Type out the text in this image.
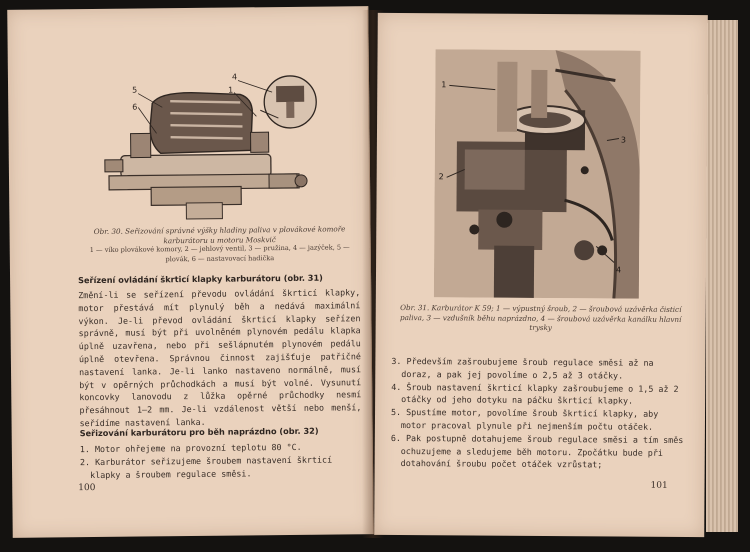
5
6
4
1
Obr. 30. Seřizování správné výšky hladiny paliva v plovákové komoře karburátoru u motoru Moskvič
1 — víko plovákové komory, 2 — jehlový ventil, 3 — pružina, 4 — jazýček, 5 — plovák, 6 — nastavovací hadička
Seřízení ovládání škrticí klapky karburátoru (obr. 31)

Změní-li se seřízení převodu ovládání škrticí klapky, motor přestává mít plynulý běh a nedává maximální výkon. Je-li převod ovládání škrticí klapky seřízen správně, musí být při uvolněném plynovém pedálu klapka úplně uzavřena, nebo při sešlápnutém plynovém pedálu úplně otevřena. Správnou činnost zajišťuje patřičné nastavení lanka. Je-li lanko nastaveno normálně, musí být v opěrných průchodkách a musí být volné. Vysunutí koncovky lanovodu z lůžka opěrné průchodky nesmí přesáhnout 1—2 mm. Je-li vzdálenost větší nebo menší, seřídíme nastavení lanka.

Seřizování karburátoru pro běh naprázdno (obr. 32)
1. Motor ohřejeme na provozní teplotu 80 °C.
2. Karburátor seřizujeme šroubem nastavení škrticí klapky a šroubem regulace směsi.
100
1
2
3
4
Obr. 31. Karburátor K 59; 1 — výpustný šroub, 2 — šroubová uzávěrka čisticí paliva, 3 — vzdušník běhu naprázdno, 4 — šroubová uzávěrka kanálku hlavní trysky
3. Především zašroubujeme šroub regulace směsi až na doraz, a pak jej povolíme o 2,5 až 3 otáčky.
4. Šroub nastavení škrticí klapky zašroubujeme o 1,5 až 2 otáčky od jeho dotyku na páčku škrticí klapky.
5. Spustíme motor, povolíme šroub škrticí klapky, aby motor pracoval plynule při nejmenším počtu otáček.
6. Pak postupně dotahujeme šroub regulace směsi a tím směs ochuzujeme a sledujeme běh motoru. Zpočátku bude při dotahování šroubu počet otáček vzrůstat;
101
